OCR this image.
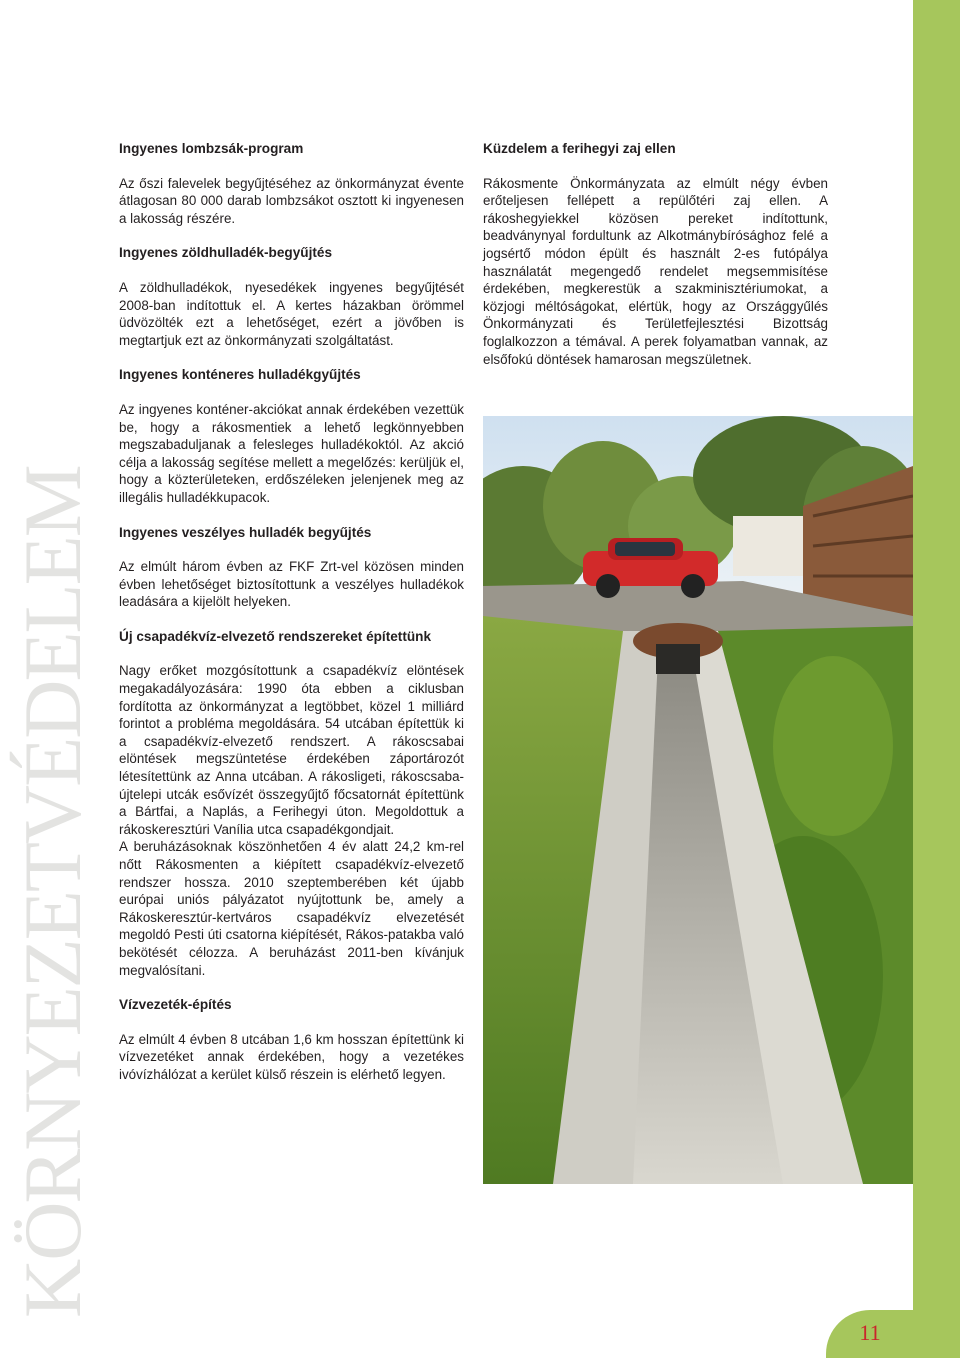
11
KÖRNYEZETVÉDELEM
Ingyenes lombzsák-program

Az őszi falevelek begyűjtéséhez az önkormányzat évente átlagosan 80 000 darab lombzsákot osztott ki ingyenesen a lakosság részére.

Ingyenes zöldhulladék-begyűjtés

A zöldhulladékok, nyesedékek ingyenes begyűjtését 2008-ban indítottuk el. A kertes házakban örömmel üdvözölték ezt a lehetőséget, ezért a jövőben is megtartjuk ezt az önkormányzati szolgáltatást.

Ingyenes konténeres hulladékgyűjtés

Az ingyenes konténer-akciókat annak érdekében vezettük be, hogy a rákosmentiek a lehető legkönnyebben megszabaduljanak a felesleges hulladékoktól. Az akció célja a lakosság segítése mellett a megelőzés: kerüljük el, hogy a közterületeken, erdőszéleken jelenjenek meg az illegális hulladékkupacok.

Ingyenes veszélyes hulladék begyűjtés

Az elmúlt három évben az FKF Zrt-vel közösen minden évben lehetőséget biztosítottunk a veszélyes hulladékok leadására a kijelölt helyeken.

Új csapadékvíz-elvezető rendszereket építettünk

Nagy erőket mozgósítottunk a csapadékvíz elöntések megakadályozására: 1990 óta ebben a ciklusban fordította az önkormányzat a legtöbbet, közel 1 milliárd forintot a probléma megoldására. 54 utcában építettük ki a csapadékvíz-elvezető rendszert. A rákoscsabai elöntések megszüntetése érdekében záportározót létesítettünk az Anna utcában. A rákosligeti, rákoscsaba-újtelepi utcák esővízét összegyűjtő főcsatornát építettünk a Bártfai, a Naplás, a Ferihegyi úton. Megoldottuk a rákoskeresztúri Vanília utca csapadékgondjait.

A beruházásoknak köszönhetően 4 év alatt 24,2 km-rel nőtt Rákosmenten a kiépített csapadékvíz-elvezető rendszer hossza. 2010 szeptemberében két újabb európai uniós pályázatot nyújtottunk be, amely a Rákoskeresztúr-kertváros csapadékvíz elvezetését megoldó Pesti úti csatorna kiépítését, Rákos-patakba való bekötését célozza. A beruházást 2011-ben kívánjuk megvalósítani.

Vízvezeték-építés

Az elmúlt 4 évben 8 utcában 1,6 km hosszan építettünk ki vízvezetéket annak érdekében, hogy a vezetékes ivóvízhálózat a kerület külső részein is elérhető legyen.

Küzdelem a ferihegyi zaj ellen

Rákosmente Önkormányzata az elmúlt négy évben erőteljesen fellépett a repülőtéri zaj ellen. A rákoshegyiekkel közösen pereket indítottunk, beadványnyal fordultunk az Alkotmánybírósághoz felé a jogsértő módon épült és használt 2-es futópálya használatát megengedő rendelet megsemmisítése érdekében, megkerestük a szakminisztériumokat, a közjogi méltóságokat, elértük, hogy az Országgyűlés Önkormányzati és Területfejlesztési Bizottság foglalkozzon a témával. A perek folyamatban vannak, az elsőfokú döntések hamarosan megszületnek.
